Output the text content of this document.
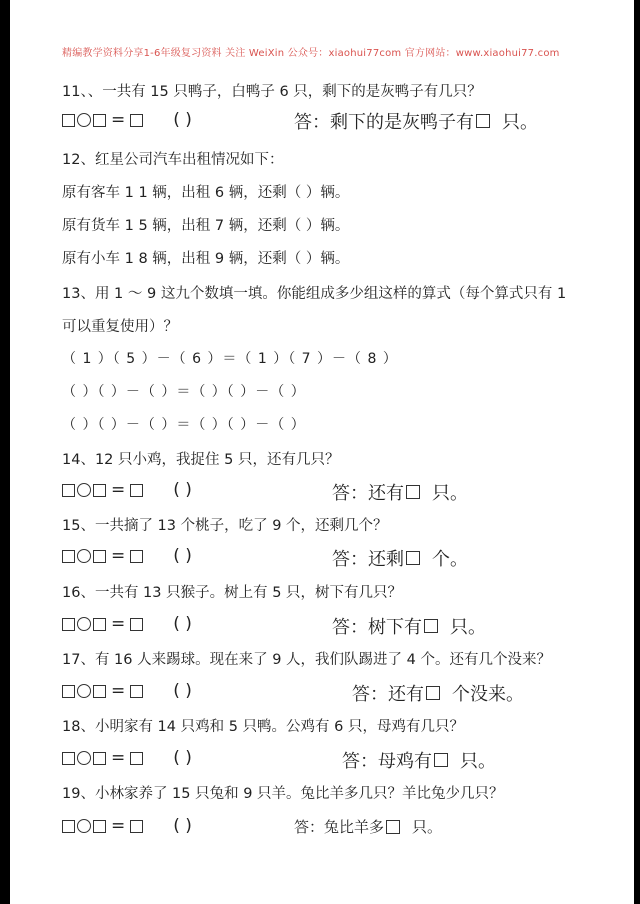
精编教学资料分享1-6年级复习资料 关注 WeiXin 公众号：xiaohui77com 官方网站：www.xiaohui77.com
11、、一共有 15 只鸭子，白鸭子 6 只，剩下的是灰鸭子有几只？
=	( )	答：剩下的是灰鸭子有 只。
12、红星公司汽车出租情况如下：
原有客车 1 1 辆，出租 6 辆，还剩（ ）辆。
原有货车 1 5 辆，出租 7 辆，还剩（ ）辆。
原有小车 1 8 辆，出租 9 辆，还剩（ ）辆。
13、用 1 ～ 9 这九个数填一填。你能组成多少组这样的算式（每个算式只有 1
可以重复使用）？
（ 1 ）（ 5 ）－（ 6 ）＝（ 1 ）（ 7 ）－（ 8 ）
（ ）（ ）－（ ）＝（ ）（ ）－（ ）
（ ）（ ）－（ ）＝（ ）（ ）－（ ）
14、12 只小鸡，我捉住 5 只，还有几只？
=	( )	答：还有 只。
15、一共摘了 13 个桃子，吃了 9 个，还剩几个？
=	( )	答：还剩 个。
16、一共有 13 只猴子。树上有 5 只，树下有几只？
=	( )	答：树下有 只。
17、有 16 人来踢球。现在来了 9 人，我们队踢进了 4 个。还有几个没来？
=	( )	答：还有 个没来。
18、小明家有 14 只鸡和 5 只鸭。公鸡有 6 只，母鸡有几只？
=	( )	答：母鸡有 只。
19、小林家养了 15 只兔和 9 只羊。兔比羊多几只？羊比兔少几只？
=	( )	答：兔比羊多 只。
